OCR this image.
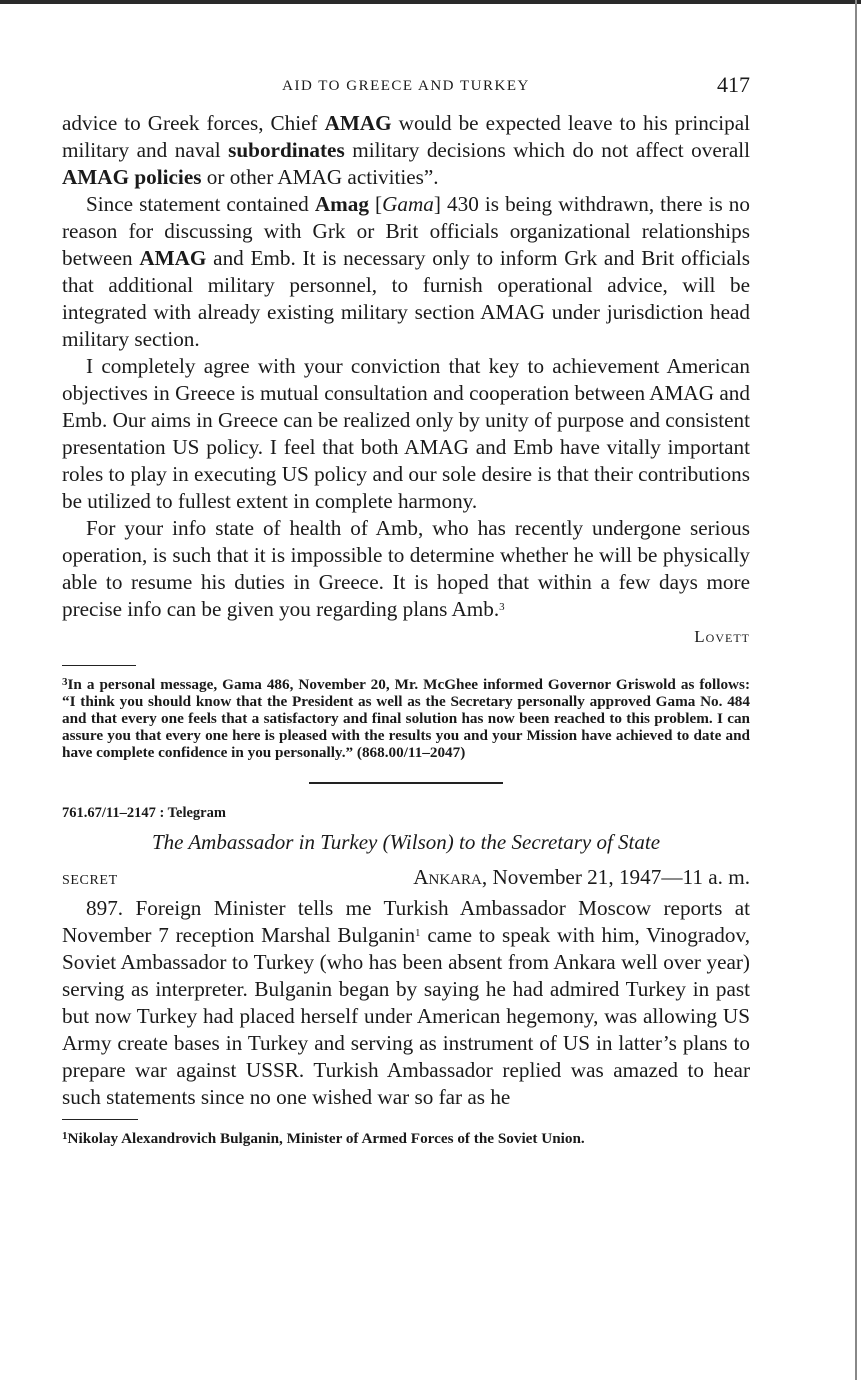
AID TO GREECE AND TURKEY	417

advice to Greek forces, Chief AMAG would be expected leave to his principal military and naval subordinates military decisions which do not affect overall AMAG policies or other AMAG activities”.

Since statement contained Amag [Gama] 430 is being withdrawn, there is no reason for discussing with Grk or Brit officials organizational relationships between AMAG and Emb. It is necessary only to inform Grk and Brit officials that additional military personnel, to furnish operational advice, will be integrated with already existing military section AMAG under jurisdiction head military section.

I completely agree with your conviction that key to achievement American objectives in Greece is mutual consultation and cooperation between AMAG and Emb. Our aims in Greece can be realized only by unity of purpose and consistent presentation US policy. I feel that both AMAG and Emb have vitally important roles to play in executing US policy and our sole desire is that their contributions be utilized to fullest extent in complete harmony.

For your info state of health of Amb, who has recently undergone serious operation, is such that it is impossible to determine whether he will be physically able to resume his duties in Greece. It is hoped that within a few days more precise info can be given you regarding plans Amb.$^3$

Lovett

$^3$In a personal message, Gama 486, November 20, Mr. McGhee informed Governor Griswold as follows: “I think you should know that the President as well as the Secretary personally approved Gama No. 484 and that every one feels that a satisfactory and final solution has now been reached to this problem. I can assure you that every one here is pleased with the results you and your Mission have achieved to date and have complete confidence in you personally.” (868.00/11–2047)

761.67/11–2147 : Telegram
The Ambassador in Turkey (Wilson) to the Secretary of State
SECRET	Ankara, November 21, 1947—11 a. m.

897. Foreign Minister tells me Turkish Ambassador Moscow reports at November 7 reception Marshal Bulganin$^1$ came to speak with him, Vinogradov, Soviet Ambassador to Turkey (who has been absent from Ankara well over year) serving as interpreter. Bulganin began by saying he had admired Turkey in past but now Turkey had placed herself under American hegemony, was allowing US Army create bases in Turkey and serving as instrument of US in latter’s plans to prepare war against USSR. Turkish Ambassador replied was amazed to hear such statements since no one wished war so far as he

$^1$Nikolay Alexandrovich Bulganin, Minister of Armed Forces of the Soviet Union.
